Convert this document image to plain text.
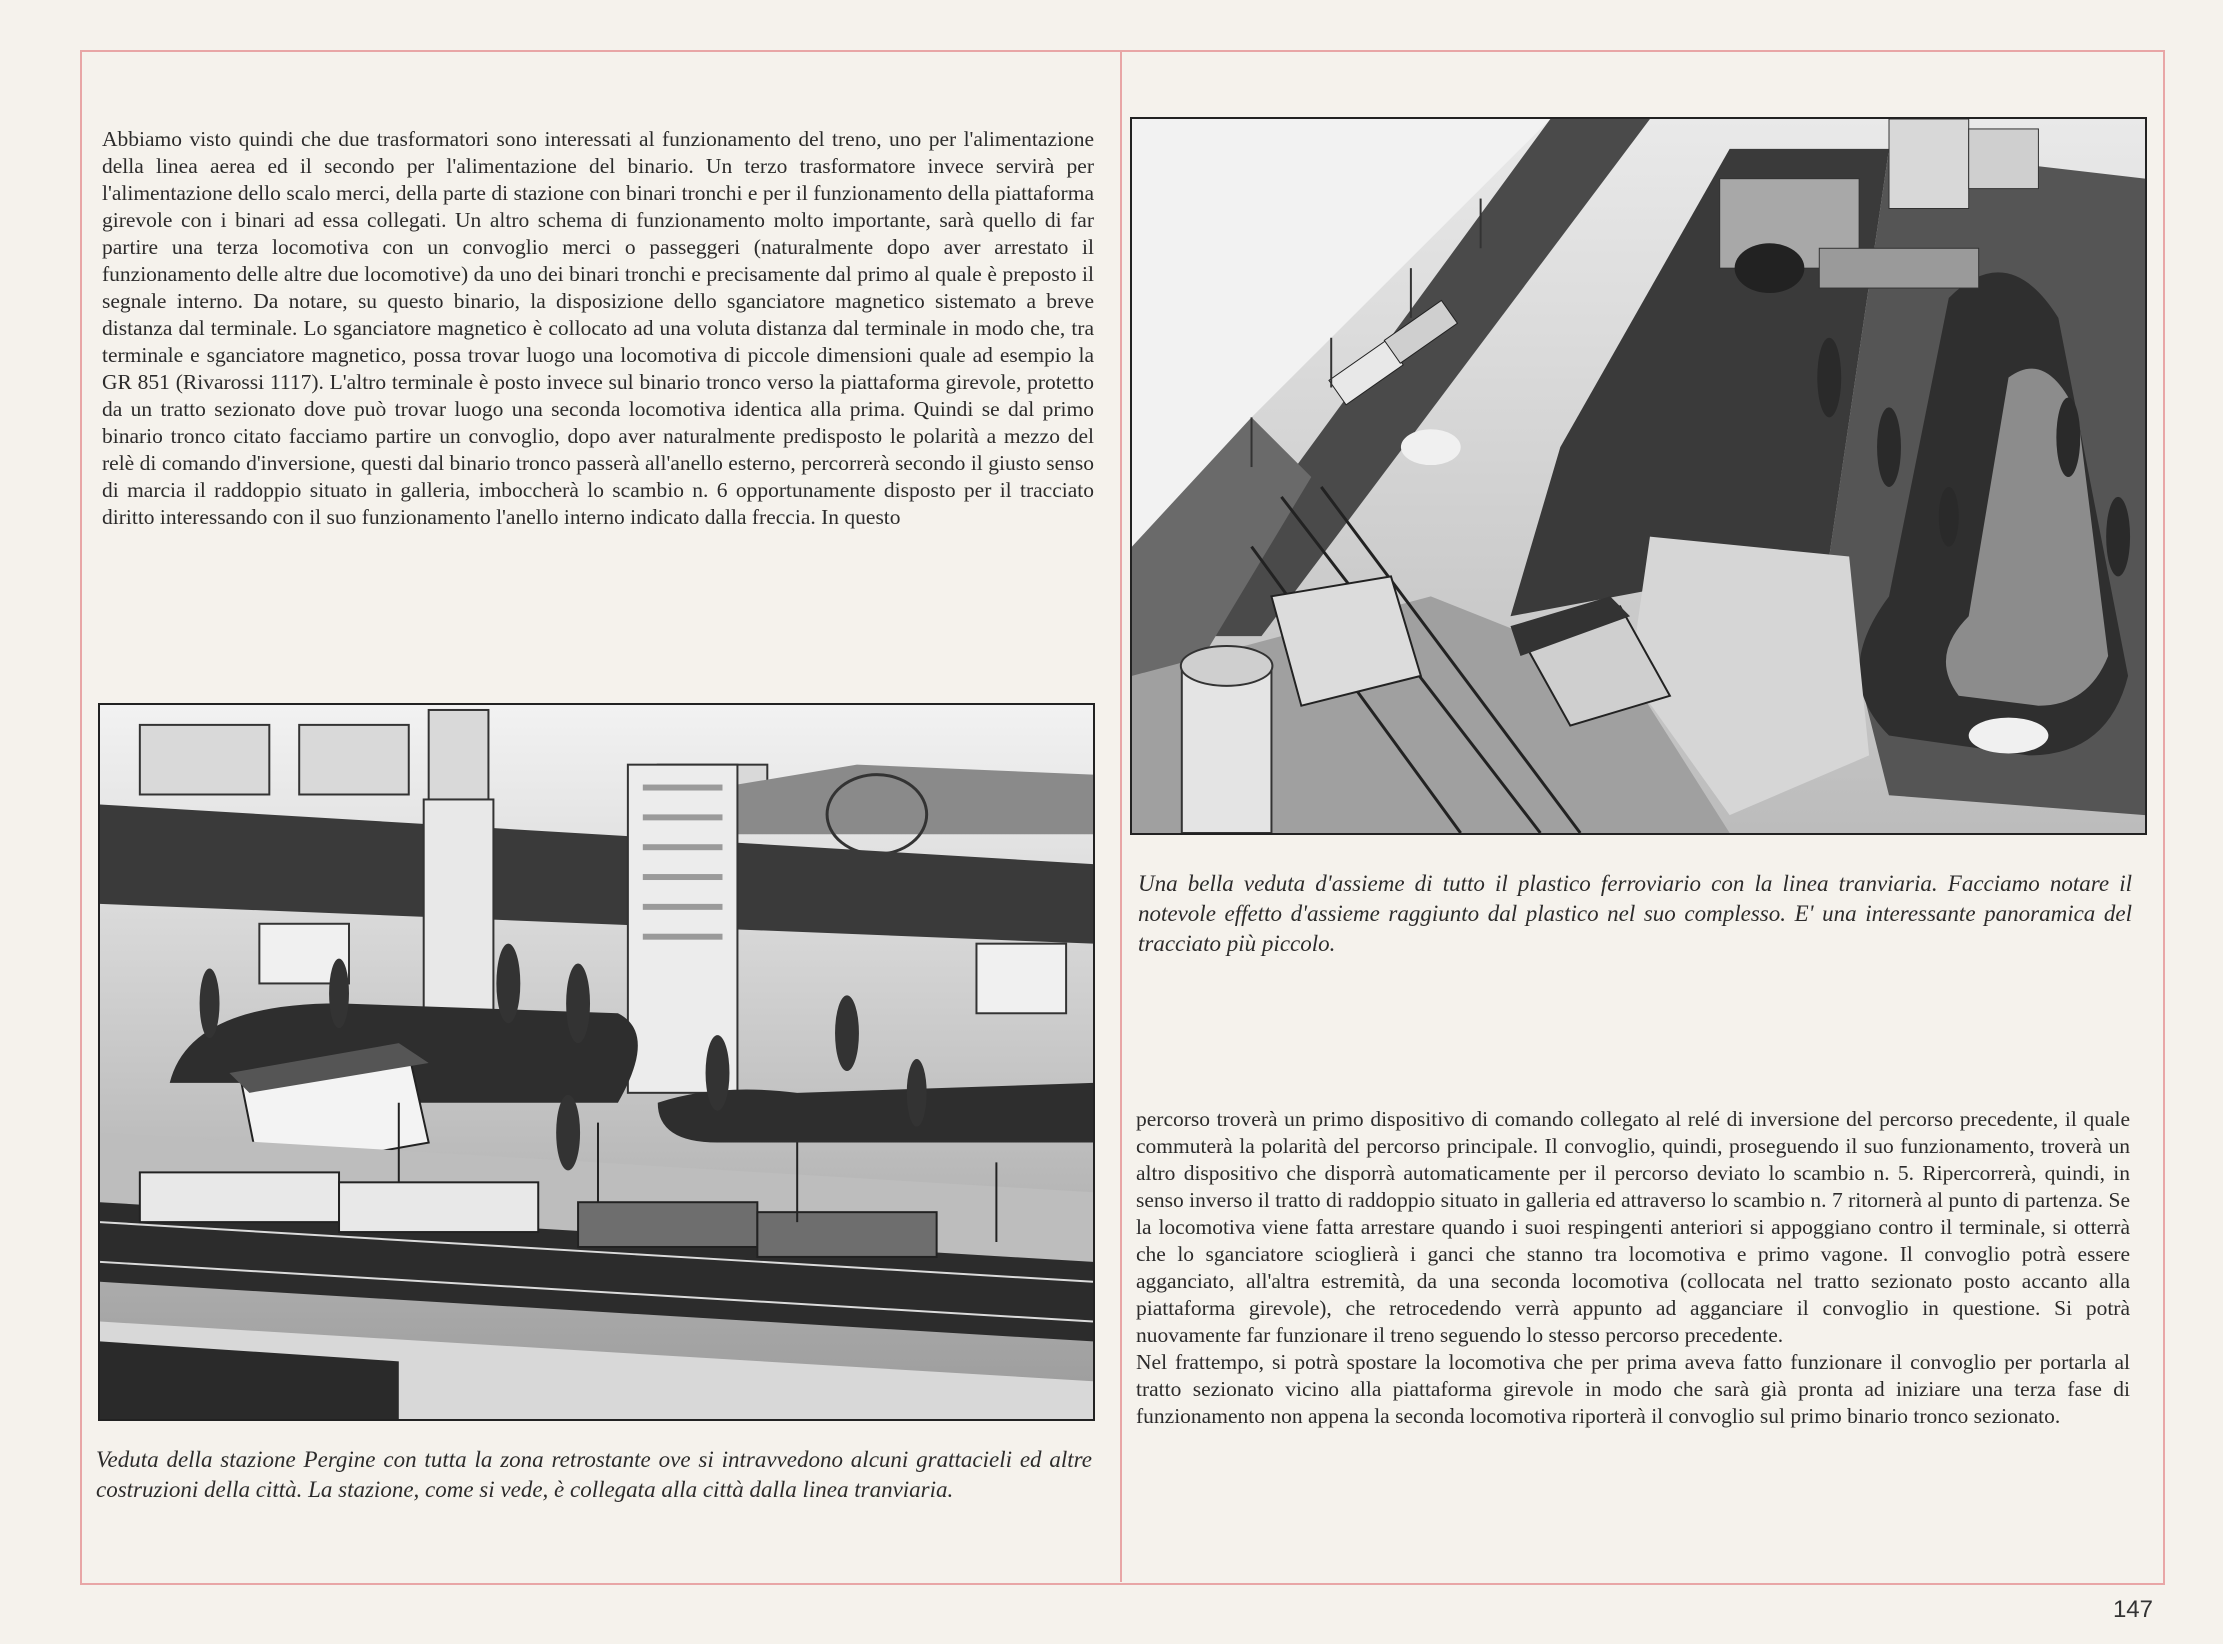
Abbiamo visto quindi che due trasformatori sono interessati al funzionamento del treno, uno per l'alimentazione della linea aerea ed il secondo per l'alimentazione del binario. Un terzo trasformatore invece servirà per l'alimentazione dello scalo merci, della parte di stazione con binari tronchi e per il funzionamento della piattaforma girevole con i binari ad essa collegati. Un altro schema di funzionamento molto importante, sarà quello di far partire una terza locomotiva con un convoglio merci o passeggeri (naturalmente dopo aver arrestato il funzionamento delle altre due locomotive) da uno dei binari tronchi e precisamente dal primo al quale è preposto il segnale interno. Da notare, su questo binario, la disposizione dello sganciatore magnetico sistemato a breve distanza dal terminale. Lo sganciatore magnetico è collocato ad una voluta distanza dal terminale in modo che, tra terminale e sganciatore magnetico, possa trovar luogo una locomotiva di piccole dimensioni quale ad esempio la GR 851 (Rivarossi 1117). L'altro terminale è posto invece sul binario tronco verso la piattaforma girevole, protetto da un tratto sezionato dove può trovar luogo una seconda locomotiva identica alla prima. Quindi se dal primo binario tronco citato facciamo partire un convoglio, dopo aver naturalmente predisposto le polarità a mezzo del relè di comando d'inversione, questi dal binario tronco passerà all'anello esterno, percorrerà secondo il giusto senso di marcia il raddoppio situato in galleria, imboccherà lo scambio n. 6 opportunamente disposto per il tracciato diritto interessando con il suo funzionamento l'anello interno indicato dalla freccia. In questo

Una bella veduta d'assieme di tutto il plastico ferroviario con la linea tranviaria. Facciamo notare il notevole effetto d'assieme raggiunto dal plastico nel suo complesso. E' una interessante panoramica del tracciato più piccolo.

Veduta della stazione Pergine con tutta la zona retrostante ove si intravvedono alcuni grattacieli ed altre costruzioni della città. La stazione, come si vede, è collegata alla città dalla linea tranviaria.

percorso troverà un primo dispositivo di comando collegato al relé di inversione del percorso precedente, il quale commuterà la polarità del percorso principale. Il convoglio, quindi, proseguendo il suo funzionamento, troverà un altro dispositivo che disporrà automaticamente per il percorso deviato lo scambio n. 5. Ripercorrerà, quindi, in senso inverso il tratto di raddoppio situato in galleria ed attraverso lo scambio n. 7 ritornerà al punto di partenza. Se la locomotiva viene fatta arrestare quando i suoi respingenti anteriori si appoggiano contro il terminale, si otterrà che lo sganciatore scioglierà i ganci che stanno tra locomotiva e primo vagone. Il convoglio potrà essere agganciato, all'altra estremità, da una seconda locomotiva (collocata nel tratto sezionato posto accanto alla piattaforma girevole), che retrocedendo verrà appunto ad agganciare il convoglio in questione. Si potrà nuovamente far funzionare il treno seguendo lo stesso percorso precedente.

Nel frattempo, si potrà spostare la locomotiva che per prima aveva fatto funzionare il convoglio per portarla al tratto sezionato vicino alla piattaforma girevole in modo che sarà già pronta ad iniziare una terza fase di funzionamento non appena la seconda locomotiva riporterà il convoglio sul primo binario tronco sezionato.

147
